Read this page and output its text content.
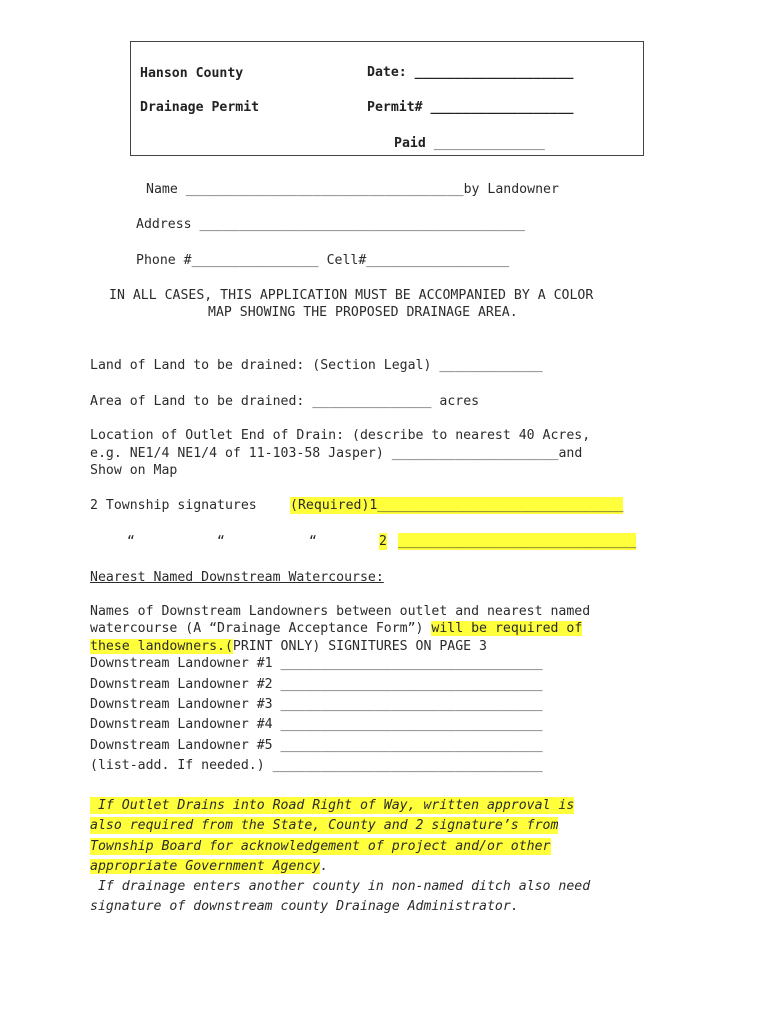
Hanson County
Drainage Permit
Date: ____________________
Permit# __________________
Paid ______________
Name ___________________________________by Landowner
Address _________________________________________
Phone #________________ Cell#__________________
IN ALL CASES, THIS APPLICATION MUST BE ACCOMPANIED BY A COLOR
MAP SHOWING THE PROPOSED DRAINAGE AREA.
Land of Land to be drained: (Section Legal) _____________
Area of Land to be drained: _______________ acres
Location of Outlet End of Drain: (describe to nearest 40 Acres,
e.g. NE1/4 NE1/4 of 11-103-58 Jasper) _____________________and
Show on Map
2 Township signatures	(Required)1_______________________________
“	“	“	2 ______________________________
Nearest Named Downstream Watercourse:
Names of Downstream Landowners between outlet and nearest named
watercourse (A “Drainage Acceptance Form”) will be required of
these landowners.(PRINT ONLY) SIGNITURES ON PAGE 3
Downstream Landowner #1 _________________________________
Downstream Landowner #2 _________________________________
Downstream Landowner #3 _________________________________
Downstream Landowner #4 _________________________________
Downstream Landowner #5 _________________________________
(list-add. If needed.) __________________________________
If Outlet Drains into Road Right of Way, written approval is
also required from the State, County and 2 signature’s from
Township Board for acknowledgement of project and/or other
appropriate Government Agency.
If drainage enters another county in non-named ditch also need
signature of downstream county Drainage Administrator.
